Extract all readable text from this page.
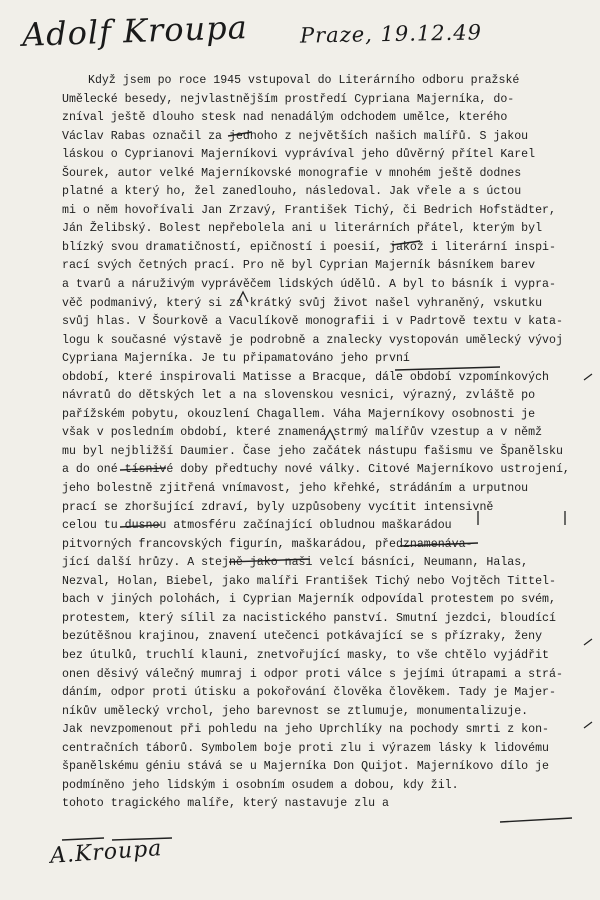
Adolf Kroupa Praze, 19.12.49
Když jsem po roce 1945 vstupoval do Literárního odboru pražské
Umělecké besedy, nejvlastnějším prostředí Cypriana Majerníka, do-
zníval ještě dlouho stesk nad nenadálým odchodem umělce, kterého
Václav Rabas označil za jednoho z největších našich malířů. S jakou
láskou o Cyprianovi Majerníkovi vyprávíval jeho důvěrný přítel Karel
Šourek, autor velké Majerníkovské monografie v mnohém ještě dodnes
platné a který ho, žel zanedlouho, následoval. Jak vřele a s úctou
mi o něm hovořívali Jan Zrzavý, František Tichý, či Bedrich Hofstädter,
Ján Želibský. Bolest nepřebolela ani u literárních přátel, kterým byl
blízký svou dramatičností, epičností i poesií, jakož i literární inspi-
rací svých četných prací. Pro ně byl Cyprian Majerník básníkem barev
a tvarů a náruživým vyprávěčem lidských údělů. A byl to básník i vypra-
věč podmanivý, který si za krátký svůj život našel vyhraněný, vskutku
svůj hlas. V Šourkově a Vaculíkově monografii i v Padrtově textu v kata-
logu k současné výstavě je podrobně a znalecky vystopován umělecký vývoj
Cypriana Majerníka. Je tu připamatováno jeho první
období, které inspirovali Matisse a Bracque, dále období vzpomínkových
návratů do dětských let a na slovenskou vesnici, výrazný, zvláště po
pařížském pobytu, okouzlení Chagallem. Váha Majerníkovy osobnosti je
však v posledním období, které znamená strmý malířův vzestup a v němž
mu byl nejbližší Daumier. Čase jeho začátek nástupu fašismu ve Španělsku
a do oné tísnivé doby předtuchy nové války. Citové Majerníkovo ustrojení,
jeho bolestně zjitřená vnímavost, jeho křehké, strádáním a urputnou
prací se zhoršující zdraví, byly uzpůsobeny vycítit intensivně
celou tu dusnou atmosféru začínající obludnou maškarádou
pitvorných francovských figurín, maškarádou, předznamenáva-
jící další hrůzy. A stejně jako naši velcí básníci, Neumann, Halas,
Nezval, Holan, Biebel, jako malíři František Tichý nebo Vojtěch Tittel-
bach v jiných polohách, i Cyprian Majerník odpovídal protestem po svém,
protestem, který sílil za nacistického panství. Smutní jezdci, bloudící
bezútěšnou krajinou, znavení utečenci potkávající se s přízraky, ženy
bez útulků, truchlí klauni, znetvořující masky, to vše chtělo vyjádřit
onen děsivý válečný mumraj i odpor proti válce s jejími útrapami a strá-
dáním, odpor proti útisku a pokořování člověka člověkem. Tady je Majer-
níkův umělecký vrchol, jeho barevnost se ztlumuje, monumentalizuje.
Jak nevzpomenout při pohledu na jeho Uprchlíky na pochody smrti z kon-
centračních táborů. Symbolem boje proti zlu i výrazem lásky k lidovému
španělskému géniu stává se u Majerníka Don Quijot. Majerníkovo dílo je
podmíněno jeho lidským i osobním osudem a dobou, kdy žil.
tohoto tragického malíře, který nastavuje zlu a
A.Kroupa
